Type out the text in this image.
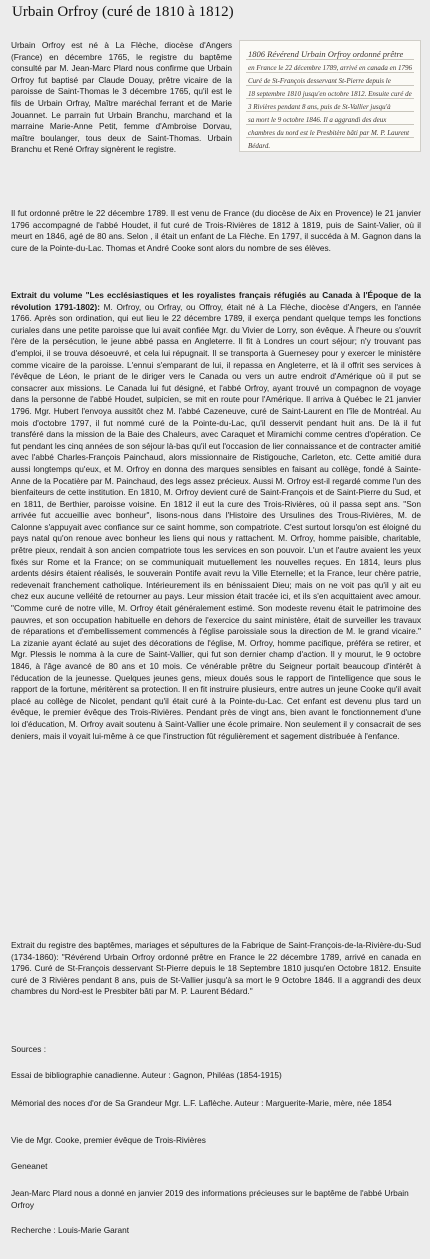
Urbain Orfroy (curé de 1810 à 1812)
1806 Révérend Urbain Orfroy ordonné prêtre
en France le 22 décembre 1789, arrivé en canada en 1796
Curé de St-François desservant St-Pierre depuis le
18 septembre 1810 jusqu'en octobre 1812. Ensuite curé de
3 Rivières pendant 8 ans, puis de St-Vallier jusqu'à
sa mort le 9 octobre 1846. Il a aggrandi des deux
chambres du nord est le Presbitère bâti par M. P. Laurent
Bédard.
Urbain Orfroy est né à La Flèche, diocèse d'Angers (France) en décembre 1765, le registre du baptême consulté par M. Jean-Marc Plard nous confirme que Urbain Orfroy fut baptisé par Claude Douay, prêtre vicaire de la paroisse de Saint-Thomas le 3 décembre 1765, qu'il est le fils de Urbain Orfray, Maître maréchal ferrant et de Marie Jouannet. Le parrain fut Urbain Branchu, marchand et la marraine Marie-Anne Petit, femme d'Ambroise Dorvau, maître boulanger, tous deux de Saint-Thomas. Urbain Branchu et René Orfray signèrent le registre.
Il fut ordonné prêtre le 22 décembre 1789. Il est venu de France (du diocèse de Aix en Provence) le 21 janvier 1796 accompagné de l'abbé Houdet, il fut curé de Trois-Rivières de 1812 à 1819, puis de Saint-Valier, où il meurt en 1846, agé de 80 ans. Selon , il était un enfant de La Flèche. En 1797, il succéda à M. Gagnon dans la cure de la Pointe-du-Lac. Thomas et André Cooke sont alors du nombre de ses élèves.
Extrait du volume "Les ecclésiastiques et les royalistes français réfugiés au Canada à l'Époque de la révolution 1791-1802): M. Orfroy, ou Orfray, ou Offroy, était né à La Flèche, diocèse d'Angers, en l'année 1766. Après son ordination, qui eut lieu le 22 décembre 1789, il exerça pendant quelque temps les fonctions curiales dans une petite paroisse que lui avait confiée Mgr. du Vivier de Lorry, son évêque. À l'heure ou s'ouvrit l'ère de la persécution, le jeune abbé passa en Angleterre. Il fit à Londres un court séjour; n'y trouvant pas d'emploi, il se trouva désoeuvré, et cela lui répugnait. Il se transporta à Guernesey pour y exercer le ministère comme vicaire de la paroisse. L'ennui s'emparant de lui, il repassa en Angleterre, et là il offrit ses services à l'évêque de Léon, le priant de le diriger vers le Canada ou vers un autre endroit d'Amérique où il put se consacrer aux missions. Le Canada lui fut désigné, et l'abbé Orfroy, ayant trouvé un compagnon de voyage dans la personne de l'abbé Houdet, sulpicien, se mit en route pour l'Amérique. Il arriva à Québec le 21 janvier 1796. Mgr. Hubert l'envoya aussitôt chez M. l'abbé Cazeneuve, curé de Saint-Laurent en l'île de Montréal. Au mois d'octobre 1797, il fut nommé curé de la Pointe-du-Lac, qu'il desservit pendant huit ans. De là il fut transféré dans la mission de la Baie des Chaleurs, avec Caraquet et Miramichi comme centres d'opération. Ce fut pendant les cinq années de son séjour là-bas qu'il eut l'occasion de lier connaissance et de contracter amitié avec l'abbé Charles-François Painchaud, alors missionnaire de Ristigouche, Carleton, etc. Cette amitié dura aussi longtemps qu'eux, et M. Orfroy en donna des marques sensibles en faisant au collège, fondé à Sainte-Anne de la Pocatière par M. Painchaud, des legs assez précieux. Aussi M. Orfroy est-il regardé comme l'un des bienfaiteurs de cette institution. En 1810, M. Orfroy devient curé de Saint-François et de Saint-Pierre du Sud, et en 1811, de Berthier, paroisse voisine. En 1812 il eut la cure des Trois-Rivières, où il passa sept ans. "Son arrivée fut accueillie avec bonheur", lisons-nous dans l'Histoire des Ursulines des Trous-Rivières, M. de Calonne s'appuyait avec confiance sur ce saint homme, son compatriote. C'est surtout lorsqu'on est éloigné du pays natal qu'on renoue avec bonheur les liens qui nous y rattachent. M. Orfroy, homme paisible, charitable, prêtre pieux, rendait à son ancien compatriote tous les services en son pouvoir. L'un et l'autre avaient les yeux fixés sur Rome et la France; on se communiquait mutuellement les nouvelles reçues. En 1814, leurs plus ardents désirs étaient réalisés, le souverain Pontife avait revu la Ville Eternelle; et la France, leur chère patrie, redevenait franchement catholique. Intérieurement ils en bénissaient Dieu; mais on ne voit pas qu'il y ait eu chez eux aucune velléité de retourner au pays. Leur mission était tracée ici, et ils s'en acquittaient avec amour. "Comme curé de notre ville, M. Orfroy était généralement estimé. Son modeste revenu était le patrimoine des pauvres, et son occupation habituelle en dehors de l'exercice du saint ministère, était de surveiller les travaux de réparations et d'embellissement commencés à l'église paroissiale sous la direction de M. le grand vicaire." La zizanie ayant éclaté au sujet des décorations de l'église, M. Orfroy, homme pacifique, préféra se retirer, et Mgr. Plessis le nomma à la cure de Saint-Vallier, qui fut son dernier champ d'action. Il y mourut, le 9 octobre 1846, à l'âge avancé de 80 ans et 10 mois. Ce vénérable prêtre du Seigneur portait beaucoup d'intérêt à l'éducation de la jeunesse. Quelques jeunes gens, mieux doués sous le rapport de l'intelligence que sous le rapport de la fortune, méritèrent sa protection. Il en fit instruire plusieurs, entre autres un jeune Cooke qu'il avait placé au collège de Nicolet, pendant qu'il était curé à la Pointe-du-Lac. Cet enfant est devenu plus tard un évêque, le premier évêque des Trois-Rivières. Pendant près de vingt ans, bien avant le fonctionnement d'une loi d'éducation, M. Orfroy avait soutenu à Saint-Vallier une école primaire. Non seulement il y consacrait de ses deniers, mais il voyait lui-même à ce que l'instruction fût régulièrement et sagement distribuée à l'enfance.
Extrait du registre des baptêmes, mariages et sépultures de la Fabrique de Saint-François-de-la-Rivière-du-Sud (1734-1860): "Révérend Urbain Orfroy ordonné prêtre en France le 22 décembre 1789, arrivé en canada en 1796. Curé de St-François desservant St-Pierre depuis le 18 Septembre 1810 jusqu'en Octobre 1812. Ensuite curé de 3 Rivières pendant 8 ans, puis de St-Vallier jusqu'à sa mort le 9 Octobre 1846. Il a aggrandi des deux chambres du Nord-est le Presbiter bâti par M. P. Laurent Bédard."
Sources :
Essai de bibliographie canadienne. Auteur : Gagnon, Philéas (1854-1915)
Mémorial des noces d'or de Sa Grandeur Mgr. L.F. Laflèche. Auteur : Marguerite-Marie, mère, née 1854
Vie de Mgr. Cooke, premier évêque de Trois-Rivières
Geneanet
Jean-Marc Plard nous a donné en janvier 2019 des informations précieuses sur le baptême de l'abbé Urbain Orfroy
Recherche : Louis-Marie Garant
